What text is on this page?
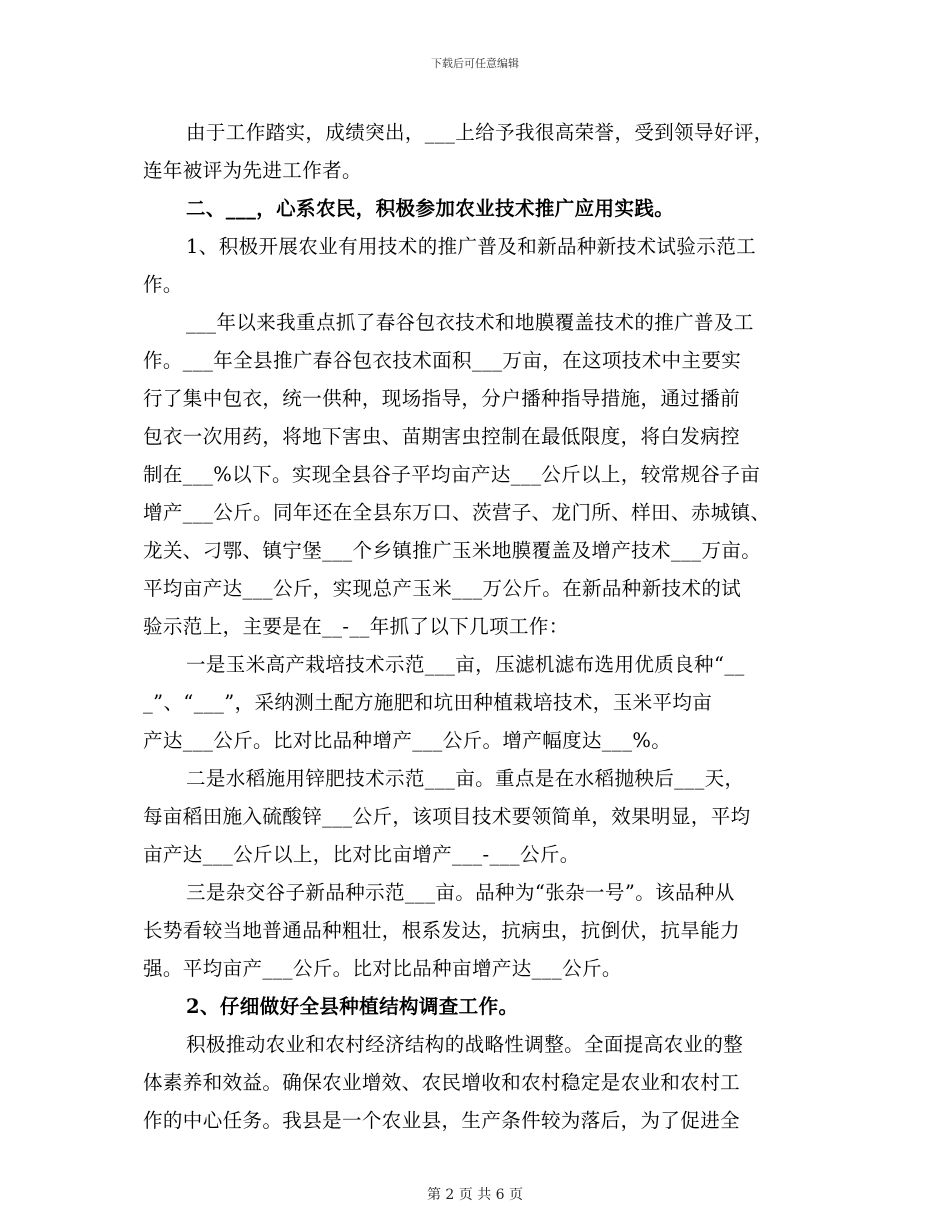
下载后可任意编辑
由于工作踏实，成绩突出，___上给予我很高荣誉，受到领导好评，
连年被评为先进工作者。
二、___，心系农民，积极参加农业技术推广应用实践。
1、积极开展农业有用技术的推广普及和新品种新技术试验示范工
作。
___年以来我重点抓了春谷包衣技术和地膜覆盖技术的推广普及工
作。___年全县推广春谷包衣技术面积___万亩，在这项技术中主要实
行了集中包衣，统一供种，现场指导，分户播种指导措施，通过播前
包衣一次用药，将地下害虫、苗期害虫控制在最低限度，将白发病控
制在___%以下。实现全县谷子平均亩产达___公斤以上，较常规谷子亩
增产___公斤。同年还在全县东万口、茨营子、龙门所、样田、赤城镇、
龙关、刁鄂、镇宁堡___个乡镇推广玉米地膜覆盖及增产技术___万亩。
平均亩产达___公斤，实现总产玉米___万公斤。在新品种新技术的试
验示范上，主要是在__-__年抓了以下几项工作：
一是玉米高产栽培技术示范___亩，压滤机滤布选用优质良种“__
_”、“___”，采纳测土配方施肥和坑田种植栽培技术，玉米平均亩
产达___公斤。比对比品种增产___公斤。增产幅度达___%。
二是水稻施用锌肥技术示范___亩。重点是在水稻抛秧后___天，
每亩稻田施入硫酸锌___公斤，该项目技术要领简单，效果明显，平均
亩产达___公斤以上，比对比亩增产___-___公斤。
三是杂交谷子新品种示范___亩。品种为“张杂一号”。该品种从
长势看较当地普通品种粗壮，根系发达，抗病虫，抗倒伏，抗旱能力
强。平均亩产___公斤。比对比品种亩增产达___公斤。
2、仔细做好全县种植结构调查工作。
积极推动农业和农村经济结构的战略性调整。全面提高农业的整
体素养和效益。确保农业增效、农民增收和农村稳定是农业和农村工
作的中心任务。我县是一个农业县，生产条件较为落后，为了促进全
第 2 页 共 6 页
